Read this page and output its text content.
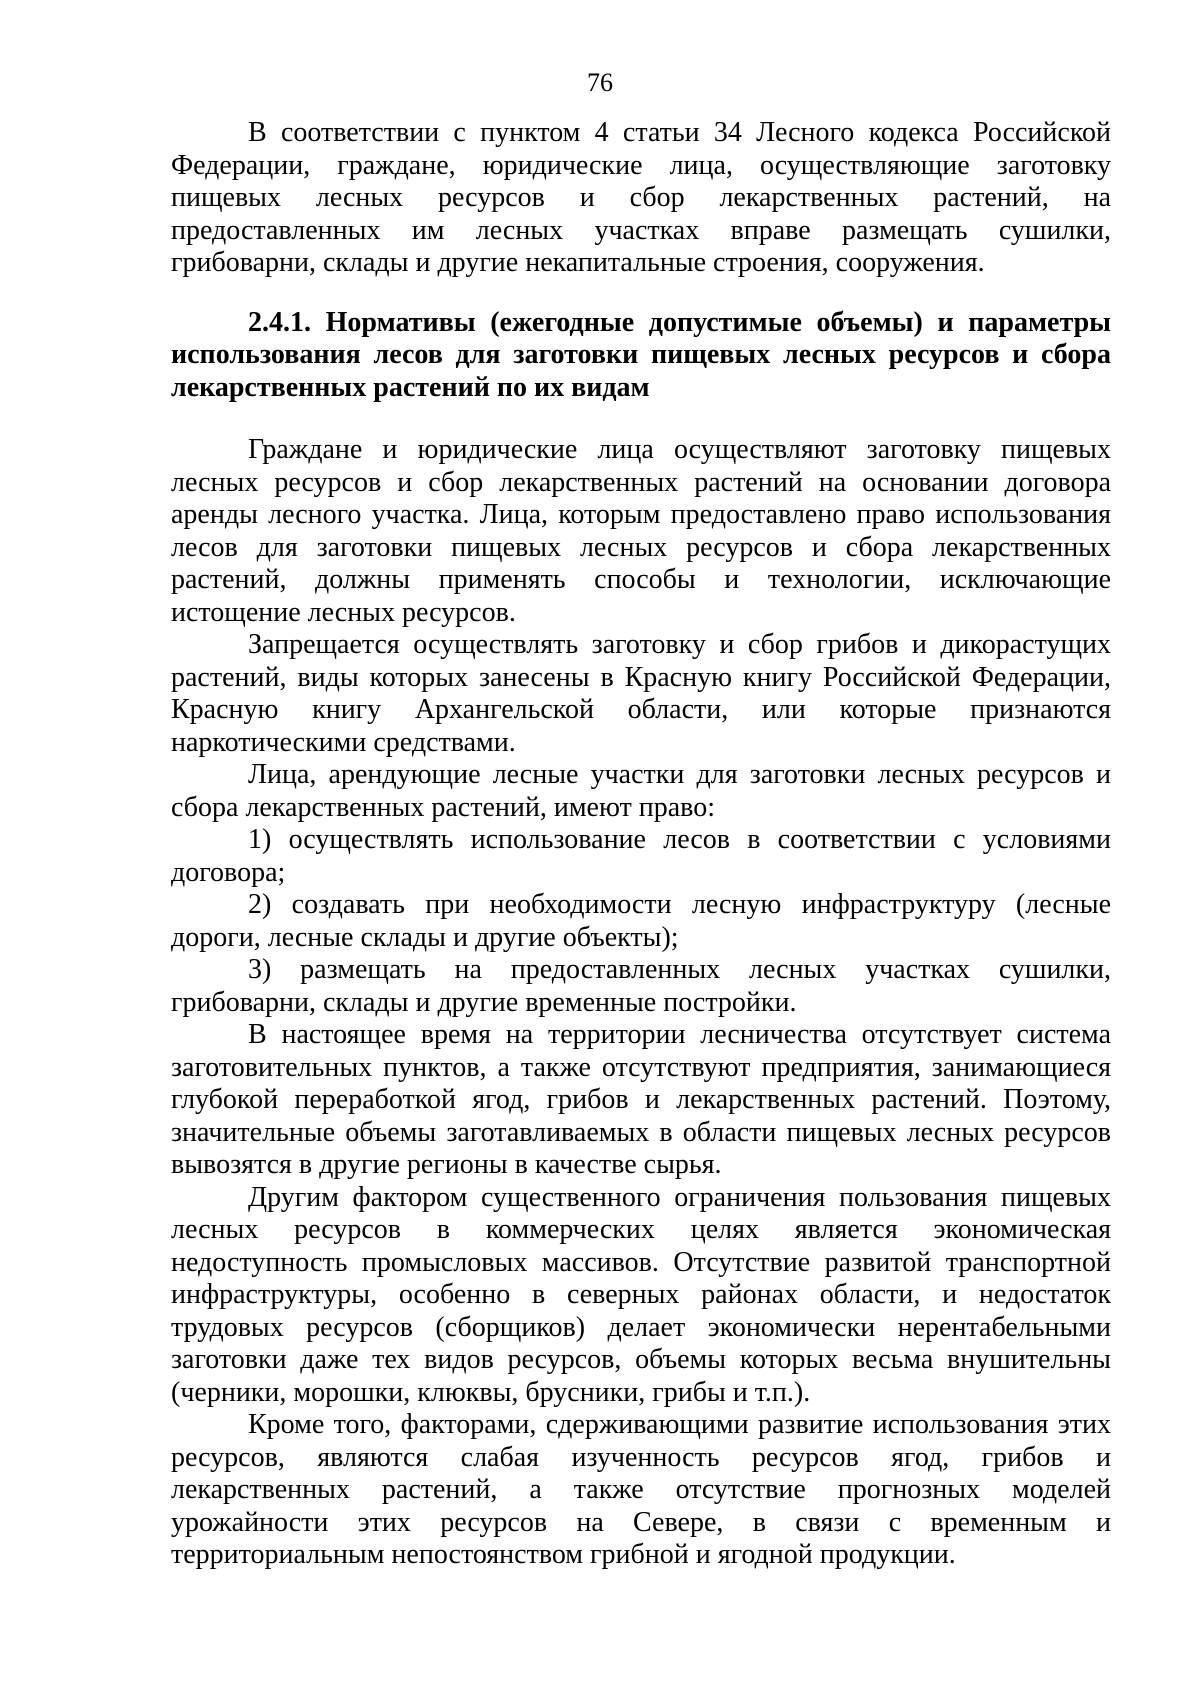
76

В соответствии с пунктом 4 статьи 34 Лесного кодекса Российской Федерации, граждане, юридические лица, осуществляющие заготовку пищевых лесных ресурсов и сбор лекарственных растений, на предоставленных им лесных участках вправе размещать сушилки, грибоварни, склады и другие некапитальные строения, сооружения.

2.4.1. Нормативы (ежегодные допустимые объемы) и параметры использования лесов для заготовки пищевых лесных ресурсов и сбора лекарственных растений по их видам

Граждане и юридические лица осуществляют заготовку пищевых лесных ресурсов и сбор лекарственных растений на основании договора аренды лесного участка. Лица, которым предоставлено право использования лесов для заготовки пищевых лесных ресурсов и сбора лекарственных растений, должны применять способы и технологии, исключающие истощение лесных ресурсов.

Запрещается осуществлять заготовку и сбор грибов и дикорастущих растений, виды которых занесены в Красную книгу Российской Федерации, Красную книгу Архангельской области, или которые признаются наркотическими средствами.

Лица, арендующие лесные участки для заготовки лесных ресурсов и сбора лекарственных растений, имеют право:

1) осуществлять использование лесов в соответствии с условиями договора;

2) создавать при необходимости лесную инфраструктуру (лесные дороги, лесные склады и другие объекты);

3) размещать на предоставленных лесных участках сушилки, грибоварни, склады и другие временные постройки.

В настоящее время на территории лесничества отсутствует система заготовительных пунктов, а также отсутствуют предприятия, занимающиеся глубокой переработкой ягод, грибов и лекарственных растений. Поэтому, значительные объемы заготавливаемых в области пищевых лесных ресурсов вывозятся в другие регионы в качестве сырья.

Другим фактором существенного ограничения пользования пищевых лесных ресурсов в коммерческих целях является экономическая недоступность промысловых массивов. Отсутствие развитой транспортной инфраструктуры, особенно в северных районах области, и недостаток трудовых ресурсов (сборщиков) делает экономически нерентабельными заготовки даже тех видов ресурсов, объемы которых весьма внушительны (черники, морошки, клюквы, брусники, грибы и т.п.).

Кроме того, факторами, сдерживающими развитие использования этих ресурсов, являются слабая изученность ресурсов ягод, грибов и лекарственных растений, а также отсутствие прогнозных моделей урожайности этих ресурсов на Севере, в связи с временным и территориальным непостоянством грибной и ягодной продукции.
